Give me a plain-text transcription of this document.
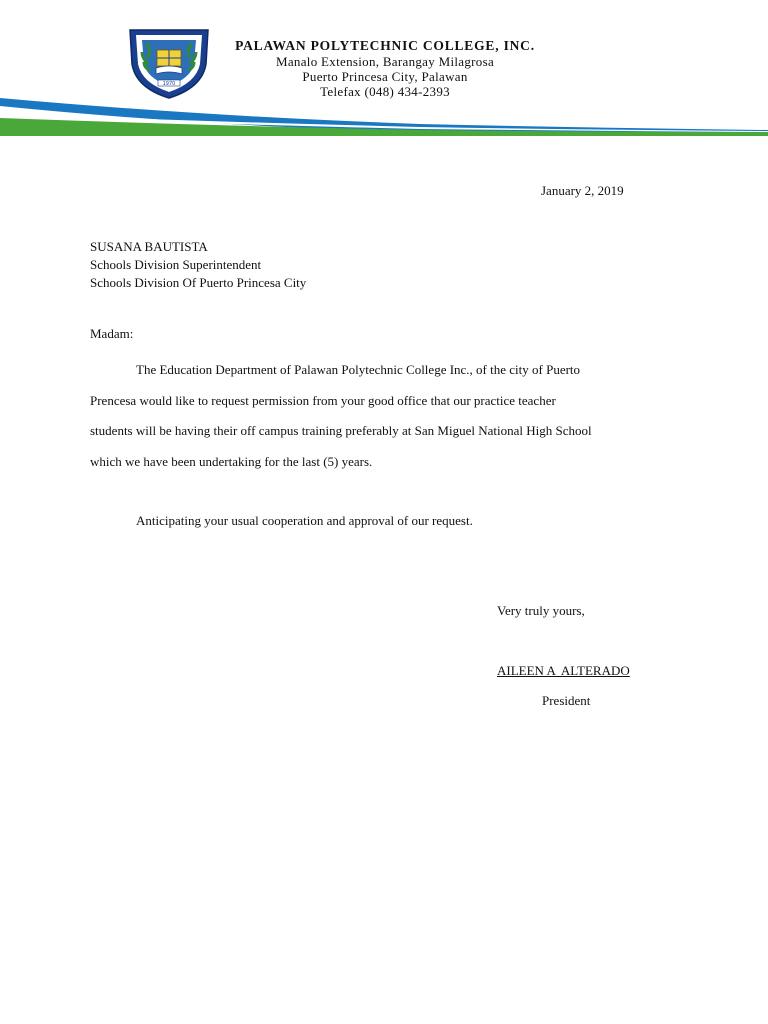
1970
PALAWAN POLYTECHNIC COLLEGE, INC.
Manalo Extension, Barangay Milagrosa
Puerto Princesa City, Palawan
Telefax (048) 434-2393
January 2, 2019
SUSANA BAUTISTA
Schools Division Superintendent
Schools Division Of Puerto Princesa City
Madam:
The Education Department of Palawan Polytechnic College Inc., of the city of Puerto
Prencesa would like to request permission from your good office that our practice teacher
students will be having their off campus training preferably at San Miguel National High School
which we have been undertaking for the last (5) years.
Anticipating your usual cooperation and approval of our request.
Very truly yours,
AILEEN A  ALTERADO
President
